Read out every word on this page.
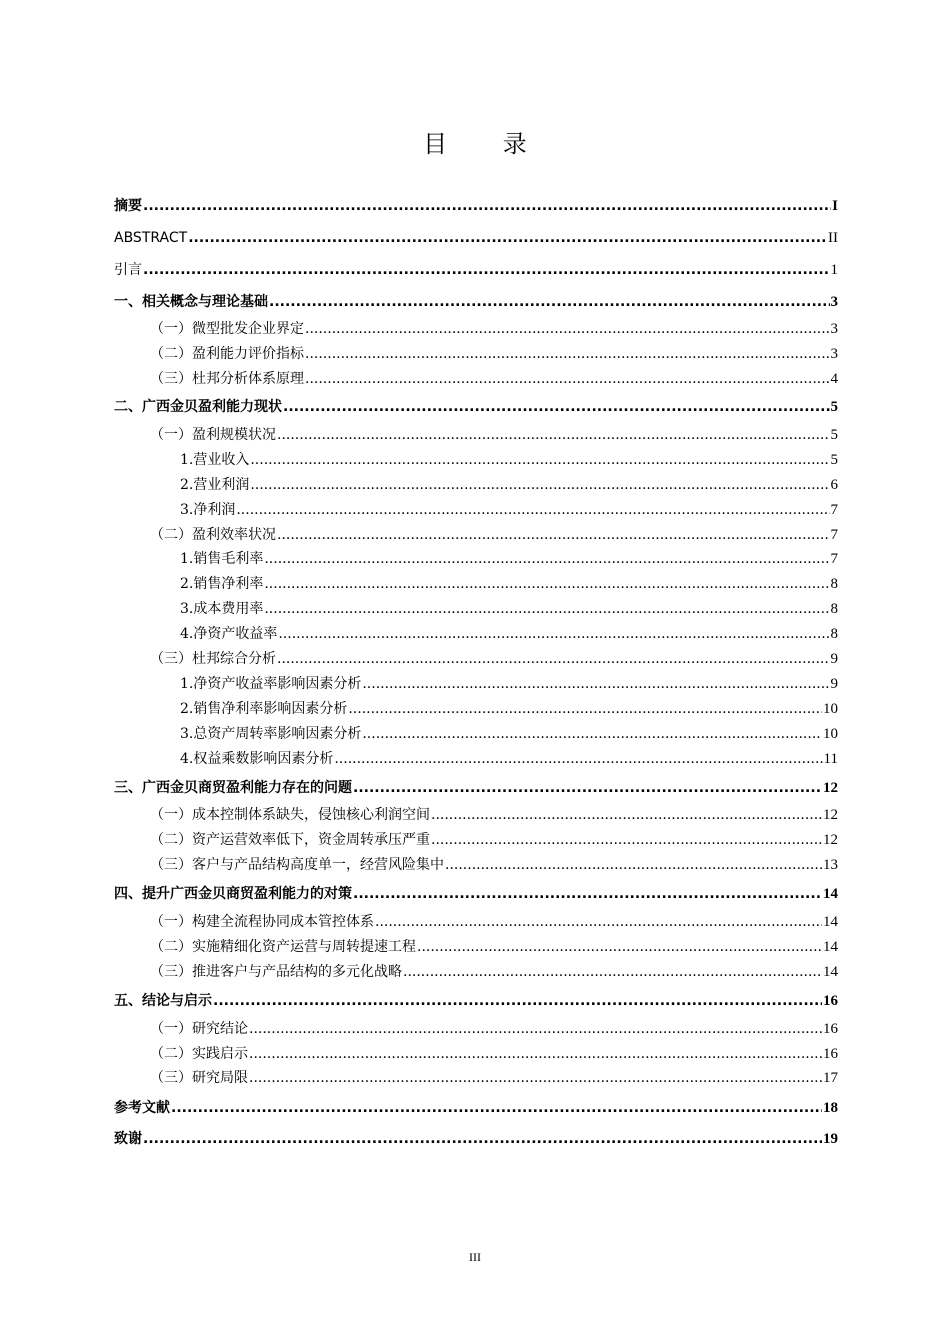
目 录
摘要 .....	I
ABSTRACT .....	II
引言 .....	1
一、相关概念与理论基础 .....	3
（一）微型批发企业界定 .....	3
（二）盈利能力评价指标 .....	3
（三）杜邦分析体系原理 .....	4
二、广西金贝盈利能力现状 .....	5
（一）盈利规模状况 .....	5
1.营业收入 .....	5
2.营业利润 .....	6
3.净利润 .....	7
（二）盈利效率状况 .....	7
1.销售毛利率 .....	7
2.销售净利率 .....	8
3.成本费用率 .....	8
4.净资产收益率 .....	8
（三）杜邦综合分析 .....	9
1.净资产收益率影响因素分析 .....	9
2.销售净利率影响因素分析 .....	10
3.总资产周转率影响因素分析 .....	10
4.权益乘数影响因素分析 .....	11
三、广西金贝商贸盈利能力存在的问题 .....	12
（一）成本控制体系缺失，侵蚀核心利润空间 .....	12
（二）资产运营效率低下，资金周转承压严重 .....	12
（三）客户与产品结构高度单一，经营风险集中 .....	13
四、提升广西金贝商贸盈利能力的对策 .....	14
（一）构建全流程协同成本管控体系 .....	14
（二）实施精细化资产运营与周转提速工程 .....	14
（三）推进客户与产品结构的多元化战略 .....	14
五、结论与启示 .....	16
（一）研究结论 .....	16
（二）实践启示 .....	16
（三）研究局限 .....	17
参考文献 .....	18
致谢 .....	19
III
